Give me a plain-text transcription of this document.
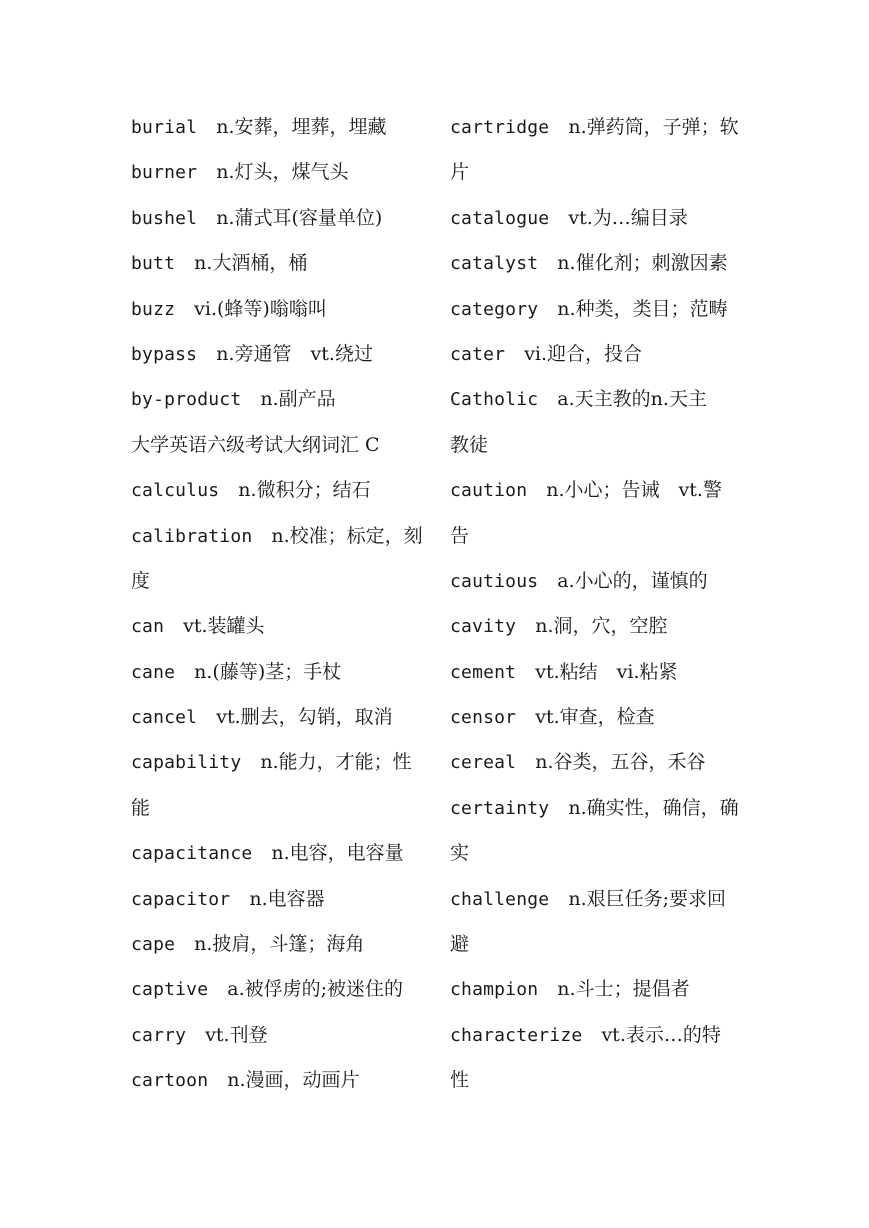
burial n.安葬，埋葬，埋藏
burner n.灯头，煤气头
bushel n.蒲式耳(容量单位)
butt n.大酒桶，桶
buzz vi.(蜂等)嗡嗡叫
bypass n.旁通管　vt.绕过
by-product n.副产品
大学英语六级考试大纲词汇 C
calculus n.微积分；结石
calibration n.校准；标定，刻
度
can vt.装罐头
cane n.(藤等)茎；手杖
cancel vt.删去，勾销，取消
capability n.能力，才能；性
能
capacitance n.电容，电容量
capacitor n.电容器
cape n.披肩，斗篷；海角
captive a.被俘虏的;被迷住的
carry vt.刊登
cartoon n.漫画，动画片
cartridge n.弹药筒，子弹；软
片
catalogue vt.为…编目录
catalyst n.催化剂；刺激因素
category n.种类，类目；范畴
cater vi.迎合，投合
Catholic a.天主教的n.天主
教徒
caution n.小心；告诫　vt.警
告
cautious a.小心的，谨慎的
cavity n.洞，穴，空腔
cement vt.粘结　vi.粘紧
censor vt.审查，检查
cereal n.谷类，五谷，禾谷
certainty n.确实性，确信，确
实
challenge n.艰巨任务;要求回
避
champion n.斗士；提倡者
characterize vt.表示…的特
性
